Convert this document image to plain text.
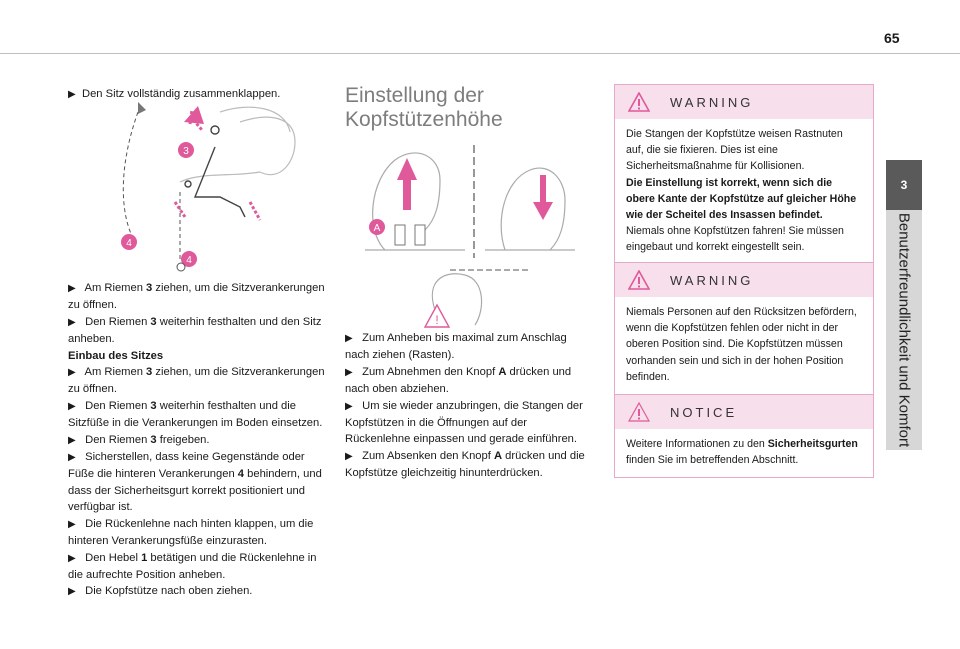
65
3
Benutzerfreundlichkeit und Komfort

▶ Den Sitz vollständig zusammenklappen.

3
4
4

▶ Am Riemen 3 ziehen, um die Sitzverankerungen zu öffnen.

▶ Den Riemen 3 weiterhin festhalten und den Sitz anheben.

Einbau des Sitzes

▶ Am Riemen 3 ziehen, um die Sitzverankerungen zu öffnen.

▶ Den Riemen 3 weiterhin festhalten und die Sitzfüße in die Verankerungen im Boden einsetzen.

▶ Den Riemen 3 freigeben.

▶ Sicherstellen, dass keine Gegenstände oder Füße die hinteren Verankerungen 4 behindern, und dass der Sicherheitsgurt korrekt positioniert und verfügbar ist.

▶ Die Rückenlehne nach hinten klappen, um die hinteren Verankerungsfüße einzurasten.

▶ Den Hebel 1 betätigen und die Rückenlehne in die aufrechte Position anheben.

▶ Die Kopfstütze nach oben ziehen.

Einstellung der
Kopfstützenhöhe
A
!

▶ Zum Anheben bis maximal zum Anschlag nach ziehen (Rasten).

▶ Zum Abnehmen den Knopf A drücken und nach oben abziehen.

▶ Um sie wieder anzubringen, die Stangen der Kopfstützen in die Öffnungen auf der Rückenlehne einpassen und gerade einführen.

▶ Zum Absenken den Knopf A drücken und die Kopfstütze gleichzeitig hinunterdrücken.

WARNING

Die Stangen der Kopfstütze weisen Rastnuten auf, die sie fixieren. Dies ist eine Sicherheitsmaßnahme für Kollisionen.

Die Einstellung ist korrekt, wenn sich die obere Kante der Kopfstütze auf gleicher Höhe wie der Scheitel des Insassen befindet.

Niemals ohne Kopfstützen fahren! Sie müssen eingebaut und korrekt eingestellt sein.

WARNING

Niemals Personen auf den Rücksitzen befördern, wenn die Kopfstützen fehlen oder nicht in der oberen Position sind. Die Kopfstützen müssen vorhanden sein und sich in der hohen Position befinden.

NOTICE

Weitere Informationen zu den Sicherheitsgurten finden Sie im betreffenden Abschnitt.
